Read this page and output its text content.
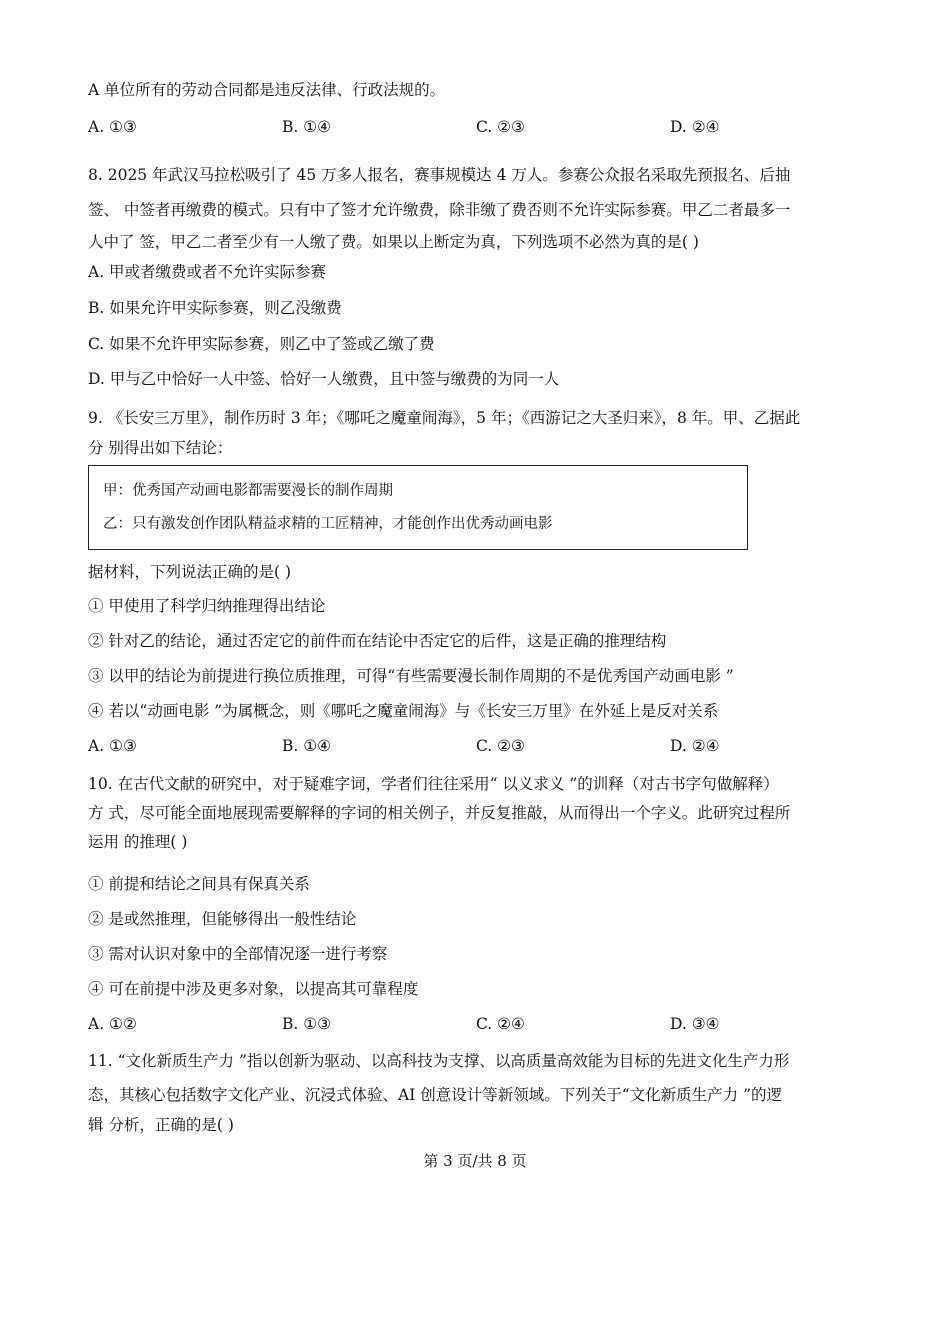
A 单位所有的劳动合同都是违反法律、行政法规的。
A. ①③	B. ①④	C. ②③	D. ②④
8. 2025 年武汉马拉松吸引了 45 万多人报名，赛事规模达 4 万人。参赛公众报名采取先预报名、后抽
签、 中签者再缴费的模式。只有中了签才允许缴费，除非缴了费否则不允许实际参赛。甲乙二者最多一
人中了 签，甲乙二者至少有一人缴了费。如果以上断定为真，下列选项不必然为真的是( )
A. 甲或者缴费或者不允许实际参赛
B. 如果允许甲实际参赛，则乙没缴费
C. 如果不允许甲实际参赛，则乙中了签或乙缴了费
D. 甲与乙中恰好一人中签、恰好一人缴费，且中签与缴费的为同一人
9. 《长安三万里》，制作历时 3 年；《哪吒之魔童闹海》，5 年；《西游记之大圣归来》，8 年。甲、乙据此
分 别得出如下结论：
甲：优秀国产动画电影都需要漫长的制作周期
乙：只有激发创作团队精益求精的工匠精神，才能创作出优秀动画电影
据材料，下列说法正确的是( )
① 甲使用了科学归纳推理得出结论
② 针对乙的结论，通过否定它的前件而在结论中否定它的后件，这是正确的推理结构
③ 以甲的结论为前提进行换位质推理，可得“有些需要漫长制作周期的不是优秀国产动画电影 ”
④ 若以“动画电影 ”为属概念，则《哪吒之魔童闹海》与《长安三万里》在外延上是反对关系
A. ①③	B. ①④	C. ②③	D. ②④
10. 在古代文献的研究中，对于疑难字词，学者们往往采用“ 以义求义 ”的训释（对古书字句做解释）
方 式，尽可能全面地展现需要解释的字词的相关例子，并反复推敲，从而得出一个字义。此研究过程所
运用 的推理( )
① 前提和结论之间具有保真关系
② 是或然推理，但能够得出一般性结论
③ 需对认识对象中的全部情况逐一进行考察
④ 可在前提中涉及更多对象，以提高其可靠程度
A. ①②	B. ①③	C. ②④	D. ③④
11. “文化新质生产力 ”指以创新为驱动、以高科技为支撑、以高质量高效能为目标的先进文化生产力形
态，其核心包括数字文化产业、沉浸式体验、AI 创意设计等新领域。下列关于“文化新质生产力 ”的逻
辑 分析，正确的是( )
第 3 页/共 8 页
